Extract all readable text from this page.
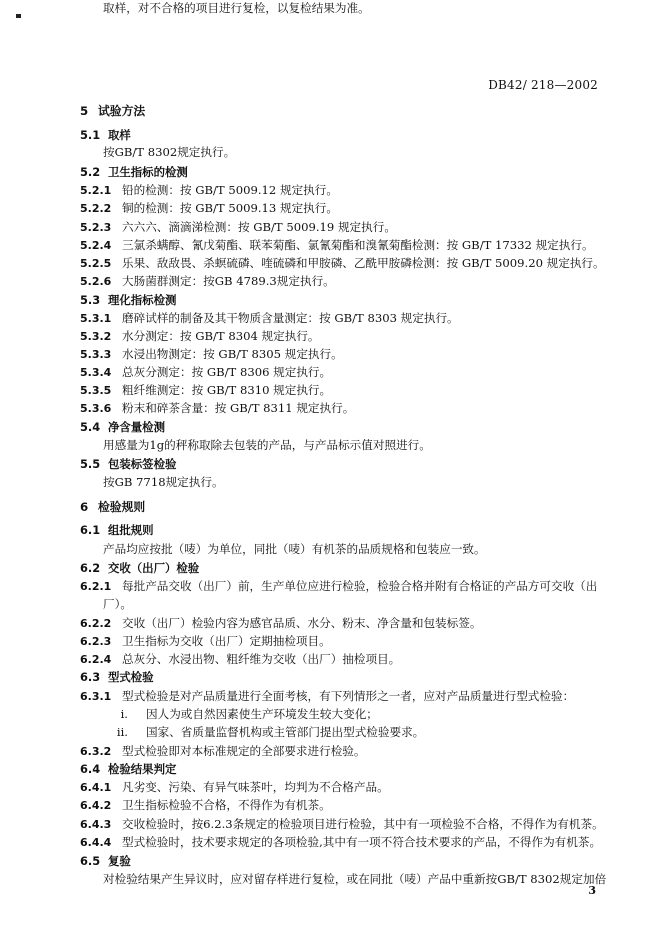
DB42/ 218—2002
5 试验方法
5.1 取样
按GB/T 8302规定执行。
5.2 卫生指标的检测
5.2.1 铅的检测：按 GB/T 5009.12 规定执行。
5.2.2 铜的检测：按 GB/T 5009.13 规定执行。
5.2.3 六六六、滴滴涕检测：按 GB/T 5009.19 规定执行。
5.2.4 三氯杀螨醇、氰戊菊酯、联苯菊酯、氯氰菊酯和溴氰菊酯检测：按 GB/T 17332 规定执行。
5.2.5 乐果、敌敌畏、杀螟硫磷、喹硫磷和甲胺磷、乙酰甲胺磷检测：按 GB/T 5009.20 规定执行。
5.2.6 大肠菌群测定：按GB 4789.3规定执行。
5.3 理化指标检测
5.3.1 磨碎试样的制备及其干物质含量测定：按 GB/T 8303 规定执行。
5.3.2 水分测定：按 GB/T 8304 规定执行。
5.3.3 水浸出物测定：按 GB/T 8305 规定执行。
5.3.4 总灰分测定：按 GB/T 8306 规定执行。
5.3.5 粗纤维测定：按 GB/T 8310 规定执行。
5.3.6 粉末和碎茶含量：按 GB/T 8311 规定执行。
5.4 净含量检测
用感量为1g的秤称取除去包装的产品，与产品标示值对照进行。
5.5 包装标签检验
按GB 7718规定执行。
6 检验规则
6.1 组批规则
产品均应按批（唛）为单位，同批（唛）有机茶的品质规格和包装应一致。
6.2 交收（出厂）检验
6.2.1 每批产品交收（出厂）前，生产单位应进行检验，检验合格并附有合格证的产品方可交收（出
厂）。
6.2.2 交收（出厂）检验内容为感官品质、水分、粉末、净含量和包装标签。
6.2.3 卫生指标为交收（出厂）定期抽检项目。
6.2.4 总灰分、水浸出物、粗纤维为交收（出厂）抽检项目。
6.3 型式检验
6.3.1 型式检验是对产品质量进行全面考核，有下列情形之一者，应对产品质量进行型式检验：
i. 因人为或自然因素使生产环境发生较大变化；
ii. 国家、省质量监督机构或主管部门提出型式检验要求。
6.3.2 型式检验即对本标准规定的全部要求进行检验。
6.4 检验结果判定
6.4.1 凡劣变、污染、有异气味茶叶，均判为不合格产品。
6.4.2 卫生指标检验不合格，不得作为有机茶。
6.4.3 交收检验时，按6.2.3条规定的检验项目进行检验，其中有一项检验不合格，不得作为有机茶。
6.4.4 型式检验时，技术要求规定的各项检验,其中有一项不符合技术要求的产品，不得作为有机茶。
6.5 复验
对检验结果产生异议时，应对留存样进行复检，或在同批（唛）产品中重新按GB/T 8302规定加倍
取样，对不合格的项目进行复检，以复检结果为准。
3
